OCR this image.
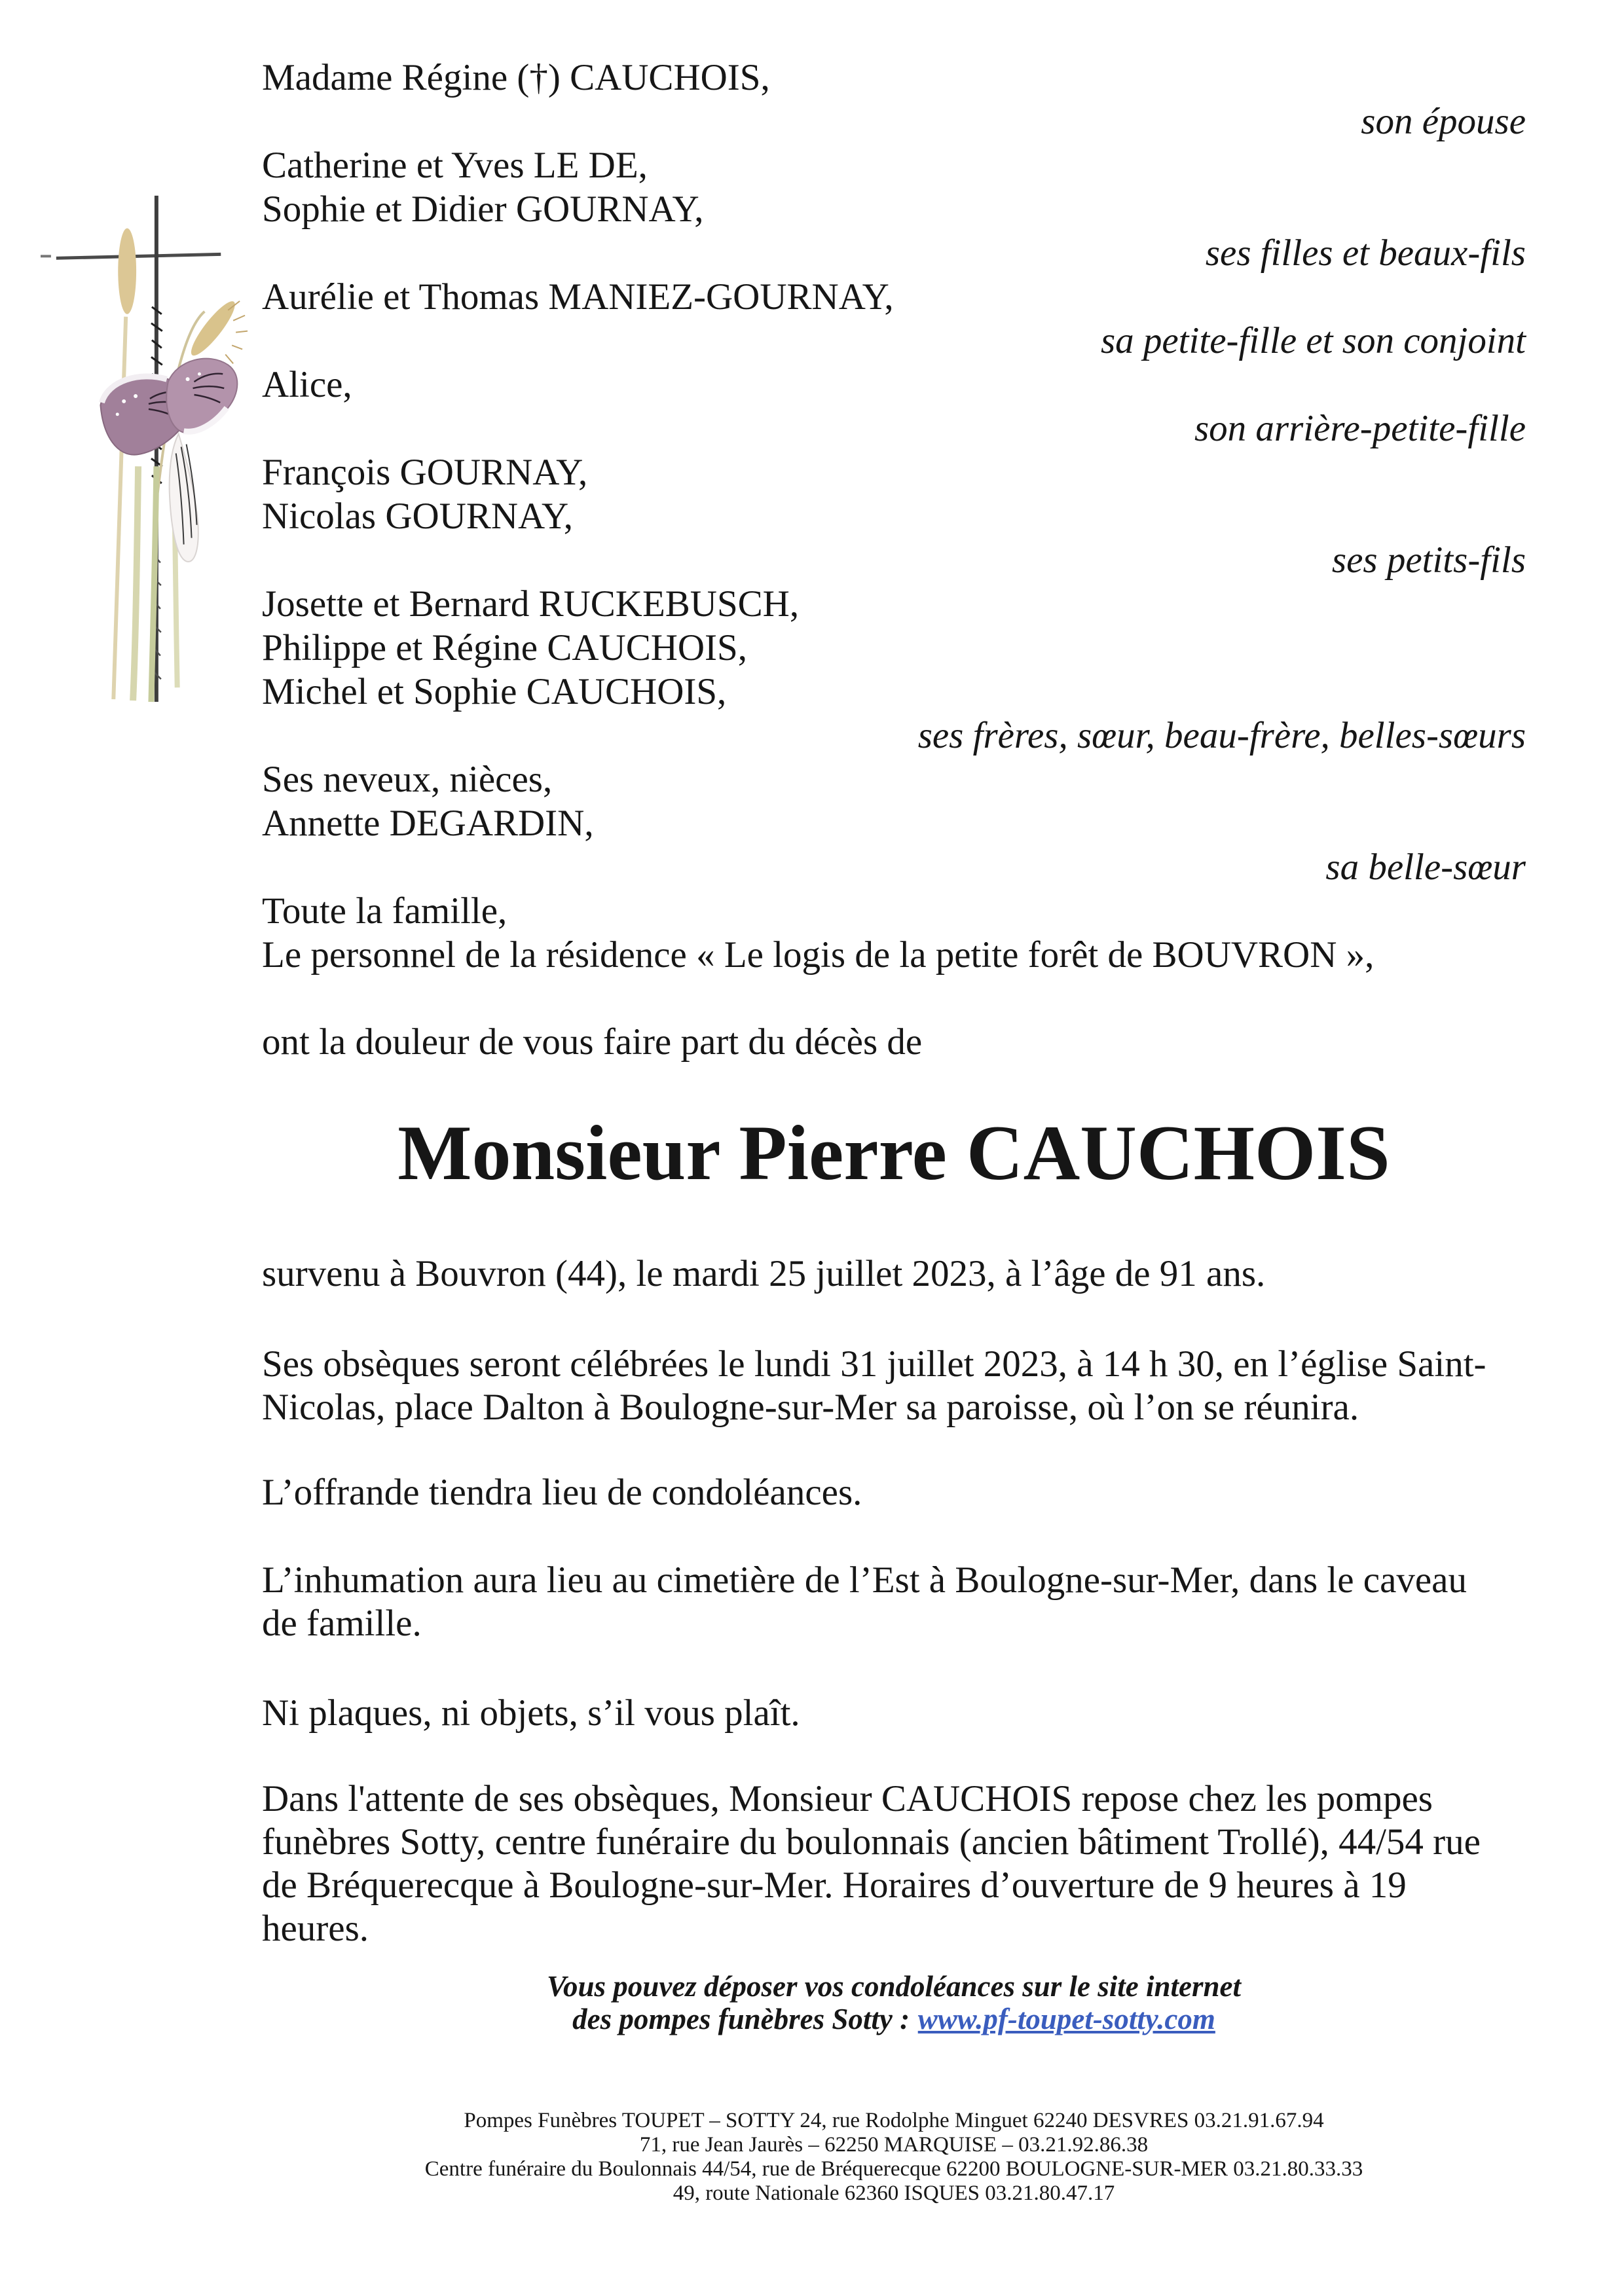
Madame Régine (†) CAUCHOIS,
son épouse
Catherine et Yves LE DE,
Sophie et Didier GOURNAY,
ses filles et beaux-fils
Aurélie et Thomas MANIEZ-GOURNAY,
sa petite-fille et son conjoint
Alice,
son arrière-petite-fille
François GOURNAY,
Nicolas GOURNAY,
ses petits-fils
Josette et Bernard RUCKEBUSCH,
Philippe et Régine CAUCHOIS,
Michel et Sophie CAUCHOIS,
ses frères, sœur, beau-frère, belles-sœurs
Ses neveux, nièces,
Annette DEGARDIN,
sa belle-sœur
Toute la famille,
Le personnel de la résidence « Le logis de la petite forêt de BOUVRON »,
ont la douleur de vous faire part du décès de
Monsieur Pierre CAUCHOIS
survenu à Bouvron (44), le mardi 25 juillet 2023, à l’âge de 91 ans.
Ses obsèques seront célébrées le lundi 31 juillet 2023, à 14 h 30, en l’église Saint-
Nicolas, place Dalton à Boulogne-sur-Mer sa paroisse, où l’on se réunira.
L’offrande tiendra lieu de condoléances.
L’inhumation aura lieu au cimetière de l’Est à Boulogne-sur-Mer, dans le caveau
de famille.
Ni plaques, ni objets, s’il vous plaît.
Dans l'attente de ses obsèques, Monsieur CAUCHOIS repose chez les pompes
funèbres Sotty, centre funéraire du boulonnais (ancien bâtiment Trollé), 44/54 rue
de Bréquerecque à Boulogne-sur-Mer. Horaires d’ouverture de 9 heures à 19
heures.
Vous pouvez déposer vos condoléances sur le site internet
des pompes funèbres Sotty : www.pf-toupet-sotty.com
Pompes Funèbres TOUPET – SOTTY 24, rue Rodolphe Minguet 62240 DESVRES 03.21.91.67.94
71, rue Jean Jaurès – 62250 MARQUISE – 03.21.92.86.38
Centre funéraire du Boulonnais 44/54, rue de Bréquerecque 62200 BOULOGNE-SUR-MER 03.21.80.33.33
49, route Nationale 62360 ISQUES 03.21.80.47.17
